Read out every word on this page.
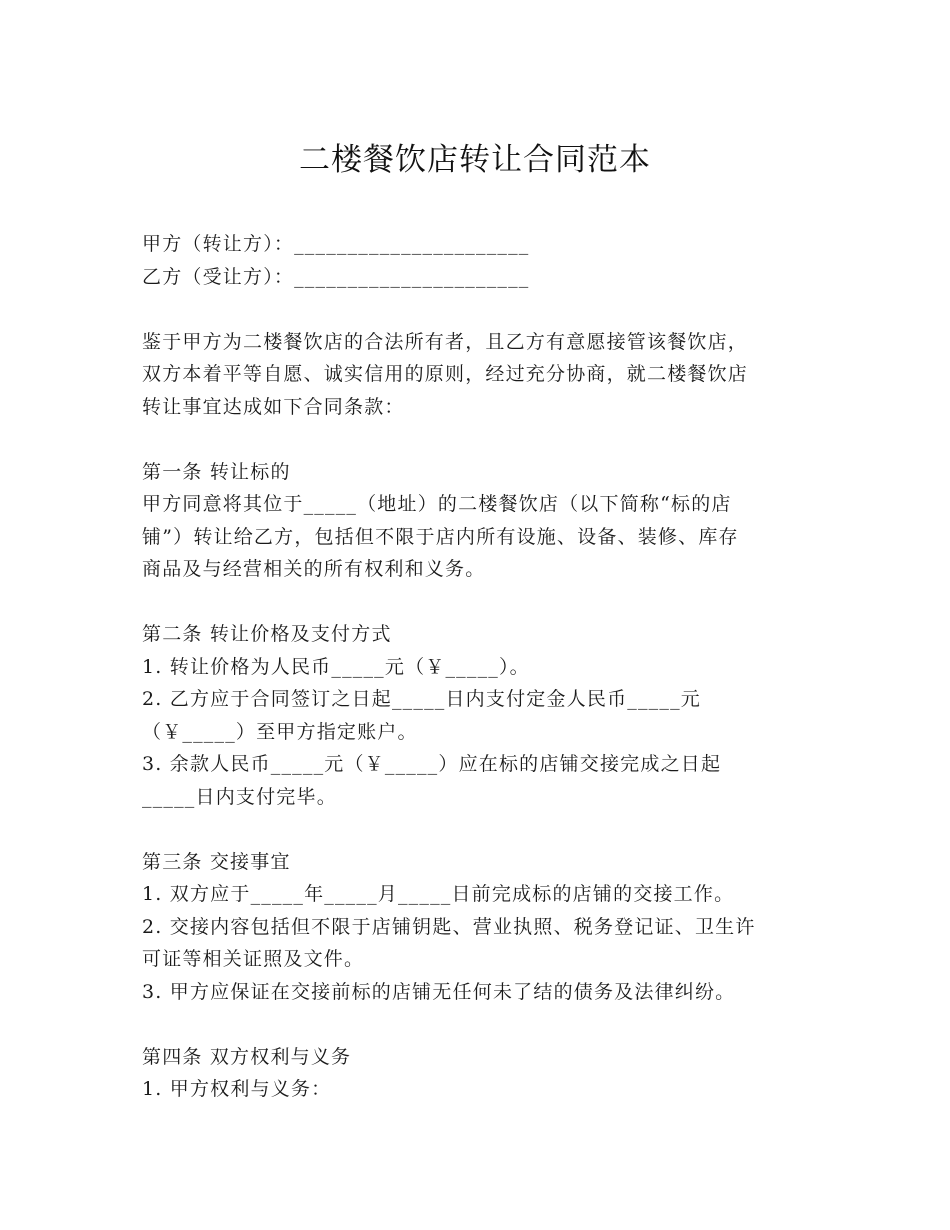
二楼餐饮店转让合同范本
甲方（转让方）：______________________
乙方（受让方）：______________________
鉴于甲方为二楼餐饮店的合法所有者，且乙方有意愿接管该餐饮店，
双方本着平等自愿、诚实信用的原则，经过充分协商，就二楼餐饮店
转让事宜达成如下合同条款：
第一条 转让标的
甲方同意将其位于_____（地址）的二楼餐饮店（以下简称“标的店
铺”）转让给乙方，包括但不限于店内所有设施、设备、装修、库存
商品及与经营相关的所有权利和义务。
第二条 转让价格及支付方式
1. 转让价格为人民币_____元（￥_____）。
2. 乙方应于合同签订之日起_____日内支付定金人民币_____元
（￥_____）至甲方指定账户。
3. 余款人民币_____元（￥_____）应在标的店铺交接完成之日起
_____日内支付完毕。
第三条 交接事宜
1. 双方应于_____年_____月_____日前完成标的店铺的交接工作。
2. 交接内容包括但不限于店铺钥匙、营业执照、税务登记证、卫生许
可证等相关证照及文件。
3. 甲方应保证在交接前标的店铺无任何未了结的债务及法律纠纷。
第四条 双方权利与义务
1. 甲方权利与义务：
